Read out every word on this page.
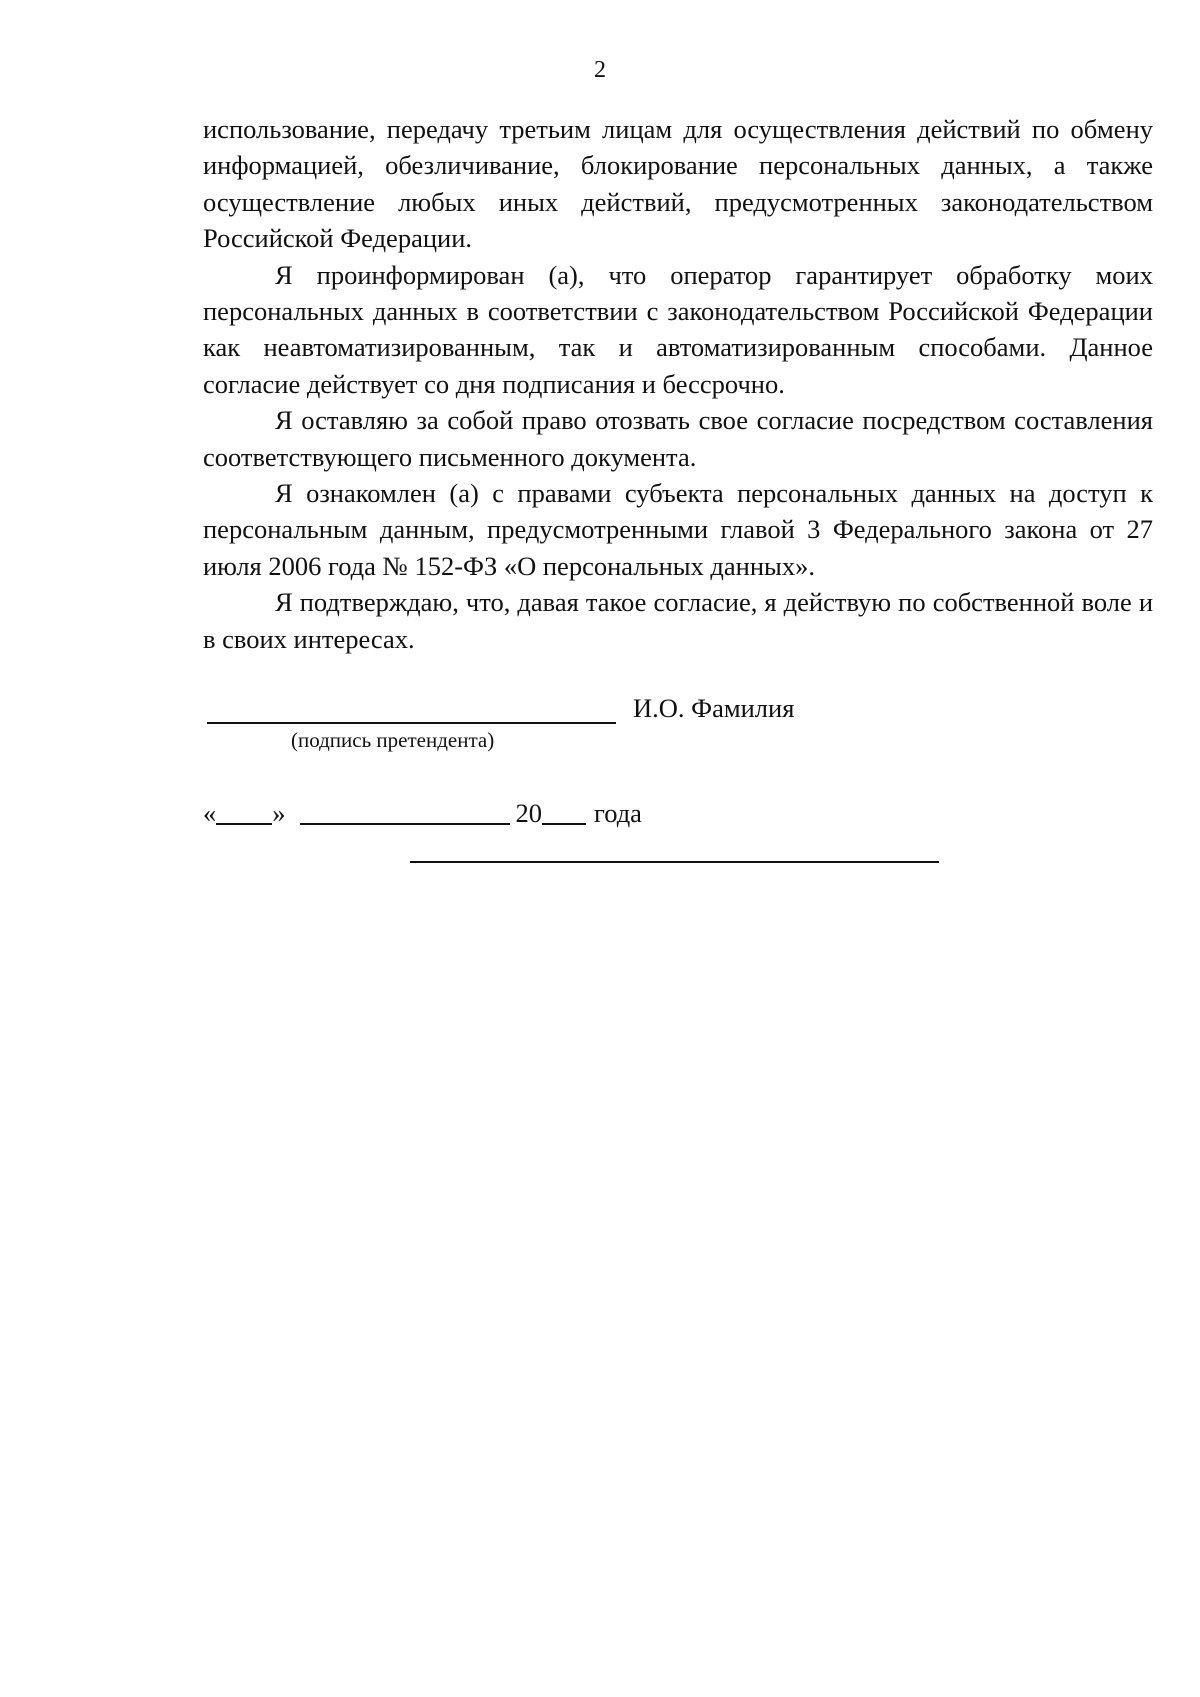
2

использование, передачу третьим лицам для осуществления действий по обмену информацией, обезличивание, блокирование персональных данных, а также осуществление любых иных действий, предусмотренных законодательством Российской Федерации.

Я проинформирован (а), что оператор гарантирует обработку моих персональных данных в соответствии с законодательством Российской Федерации как неавтоматизированным, так и автоматизированным способами. Данное согласие действует со дня подписания и бессрочно.

Я оставляю за собой право отозвать свое согласие посредством составления соответствующего письменного документа.

Я ознакомлен (а) с правами субъекта персональных данных на доступ к персональным данным, предусмотренными главой 3 Федерального закона от 27 июля 2006 года № 152-ФЗ «О персональных данных».

Я подтверждаю, что, давая такое согласие, я действую по собственной воле и в своих интересах.

И.О. Фамилия
(подпись претендента)
« »	20 года
